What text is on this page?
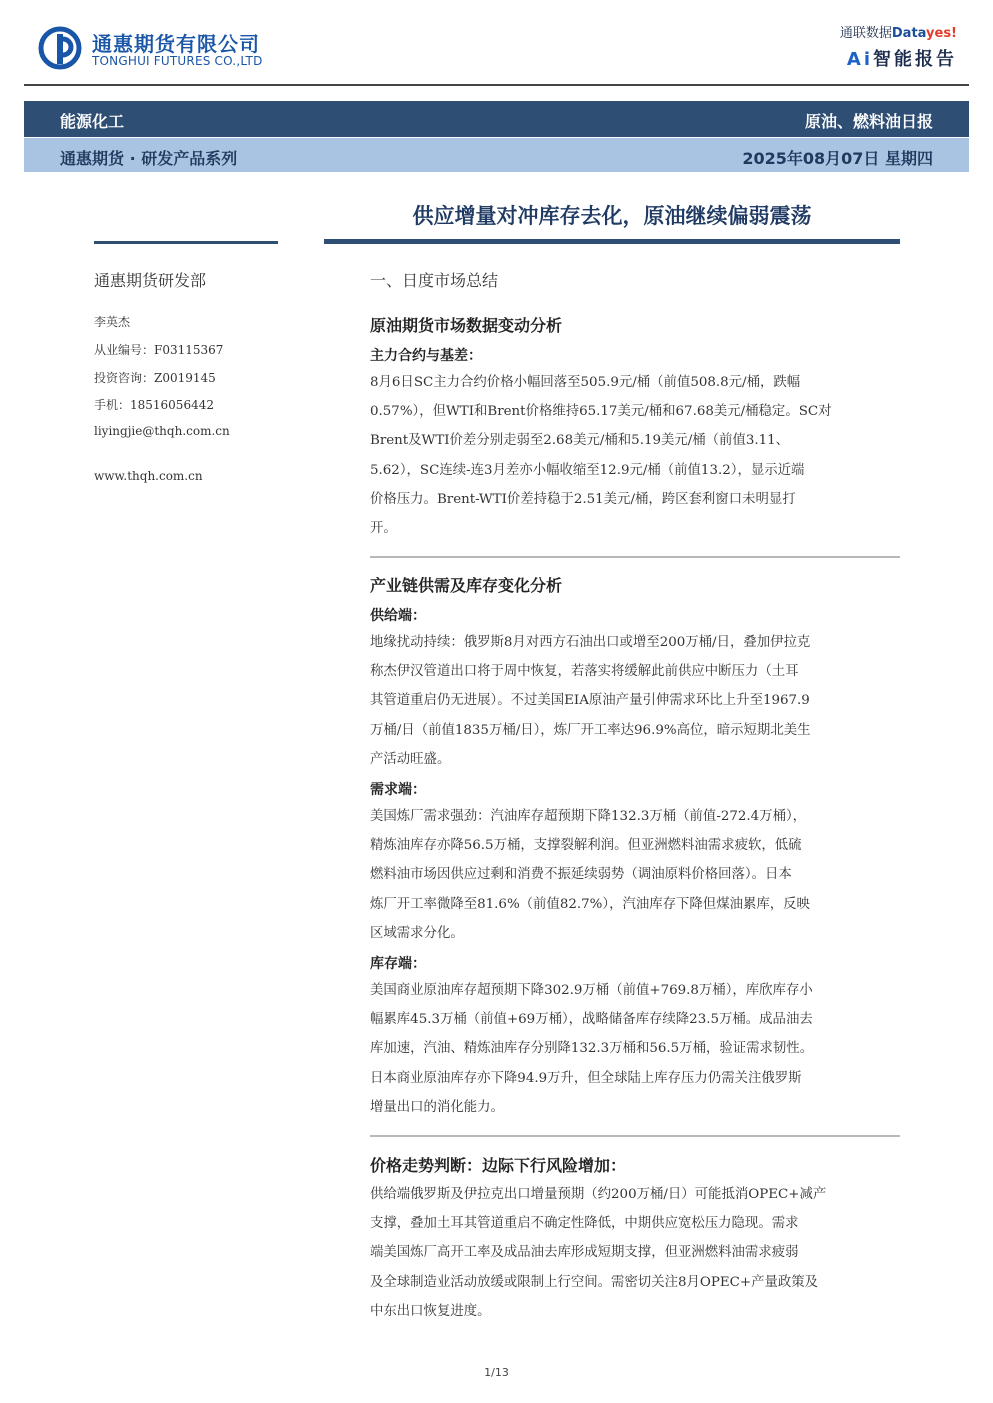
通惠期货有限公司
TONGHUI FUTURES CO.,LTD
通联数据Datayes!
Ai智能报告
能源化工	原油、燃料油日报
通惠期货 · 研发产品系列	2025年08月07日 星期四
供应增量对冲库存去化，原油继续偏弱震荡
通惠期货研发部
李英杰
从业编号：F03115367
投资咨询：Z0019145
手机：18516056442
liyingjie@thqh.com.cn
www.thqh.com.cn
一、日度市场总结
原油期货市场数据变动分析
主力合约与基差：
8月6日SC主力合约价格小幅回落至505.9元/桶（前值508.8元/桶，跌幅
0.57%），但WTI和Brent价格维持65.17美元/桶和67.68美元/桶稳定。SC对
Brent及WTI价差分别走弱至2.68美元/桶和5.19美元/桶（前值3.11、
5.62），SC连续-连3月差亦小幅收缩至12.9元/桶（前值13.2），显示近端
价格压力。Brent-WTI价差持稳于2.51美元/桶，跨区套利窗口未明显打
开。
产业链供需及库存变化分析
供给端：
地缘扰动持续：俄罗斯8月对西方石油出口或增至200万桶/日，叠加伊拉克
称杰伊汉管道出口将于周中恢复，若落实将缓解此前供应中断压力（土耳
其管道重启仍无进展）。不过美国EIA原油产量引伸需求环比上升至1967.9
万桶/日（前值1835万桶/日），炼厂开工率达96.9%高位，暗示短期北美生
产活动旺盛。
需求端：
美国炼厂需求强劲：汽油库存超预期下降132.3万桶（前值-272.4万桶），
精炼油库存亦降56.5万桶，支撑裂解利润。但亚洲燃料油需求疲软，低硫
燃料油市场因供应过剩和消费不振延续弱势（调油原料价格回落）。日本
炼厂开工率微降至81.6%（前值82.7%），汽油库存下降但煤油累库，反映
区域需求分化。
库存端：
美国商业原油库存超预期下降302.9万桶（前值+769.8万桶），库欣库存小
幅累库45.3万桶（前值+69万桶），战略储备库存续降23.5万桶。成品油去
库加速，汽油、精炼油库存分别降132.3万桶和56.5万桶，验证需求韧性。
日本商业原油库存亦下降94.9万升，但全球陆上库存压力仍需关注俄罗斯
增量出口的消化能力。
价格走势判断：边际下行风险增加：
供给端俄罗斯及伊拉克出口增量预期（约200万桶/日）可能抵消OPEC+减产
支撑，叠加土耳其管道重启不确定性降低，中期供应宽松压力隐现。需求
端美国炼厂高开工率及成品油去库形成短期支撑，但亚洲燃料油需求疲弱
及全球制造业活动放缓或限制上行空间。需密切关注8月OPEC+产量政策及
中东出口恢复进度。
1/13
